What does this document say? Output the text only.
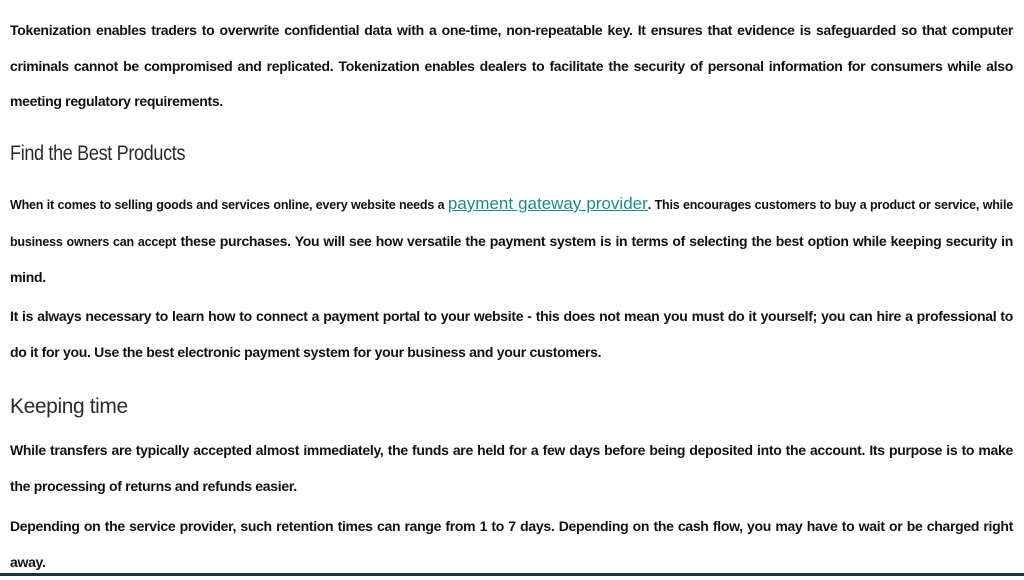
Tokenization enables traders to overwrite confidential data with a one-time, non-repeatable key. It ensures that evidence is safeguarded so that computer criminals cannot be compromised and replicated. Tokenization enables dealers to facilitate the security of personal information for consumers while also meeting regulatory requirements.

Find the Best Products

When it comes to selling goods and services online, every website needs a payment gateway provider. This encourages customers to buy a product or service, while business owners can accept these purchases. You will see how versatile the payment system is in terms of selecting the best option while keeping security in mind.

It is always necessary to learn how to connect a payment portal to your website - this does not mean you must do it yourself; you can hire a professional to do it for you. Use the best electronic payment system for your business and your customers.

Keeping time

While transfers are typically accepted almost immediately, the funds are held for a few days before being deposited into the account. Its purpose is to make the processing of returns and refunds easier.

Depending on the service provider, such retention times can range from 1 to 7 days. Depending on the cash flow, you may have to wait or be charged right away.
